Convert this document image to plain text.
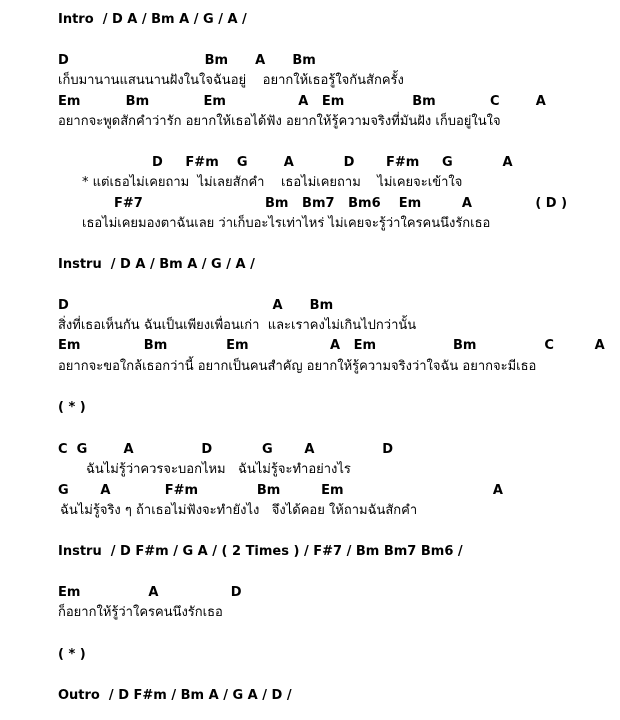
Intro  / D A / Bm A / G / A /
D                              Bm      A      Bm
เก็บมานานแสนนานฝังในใจฉันอยู่    อยากให้เธอรู้ใจกันสักครั้ง
Em          Bm            Em                A   Em               Bm            C        A
อยากจะพูดสักคำว่ารัก อยากให้เธอได้ฟัง อยากให้รู้ความจริงที่มันฝัง เก็บอยู่ในใจ
D     F#m    G        A           D       F#m     G           A
* แต่เธอไม่เคยถาม  ไม่เลยสักคำ    เธอไม่เคยถาม    ไม่เคยจะเข้าใจ
F#7                           Bm   Bm7   Bm6    Em         A              ( D )
เธอไม่เคยมองตาฉันเลย ว่าเก็บอะไรเท่าไหร่ ไม่เคยจะรู้ว่าใครคนนึงรักเธอ
Instru  / D A / Bm A / G / A /
D                                             A      Bm
สิ่งที่เธอเห็นกัน ฉันเป็นเพียงเพื่อนเก่า  และเราคงไม่เกินไปกว่านั้น
Em              Bm             Em                  A   Em                 Bm               C         A
อยากจะขอใกล้เธอกว่านี้ อยากเป็นคนสำคัญ อยากให้รู้ความจริงว่าใจฉัน อยากจะมีเธอ
( * )
C  G        A               D           G       A               D
ฉันไม่รู้ว่าควรจะบอกไหม   ฉันไม่รู้จะทำอย่างไร
G       A            F#m             Bm         Em                                 A
ฉันไม่รู้จริง ๆ ถ้าเธอไม่ฟังจะทำยังไง   จึงได้คอย ให้ถามฉันสักคำ
Instru  / D F#m / G A / ( 2 Times ) / F#7 / Bm Bm7 Bm6 /
Em               A                D
ก็อยากให้รู้ว่าใครคนนึงรักเธอ
( * )
Outro  / D F#m / Bm A / G A / D /
